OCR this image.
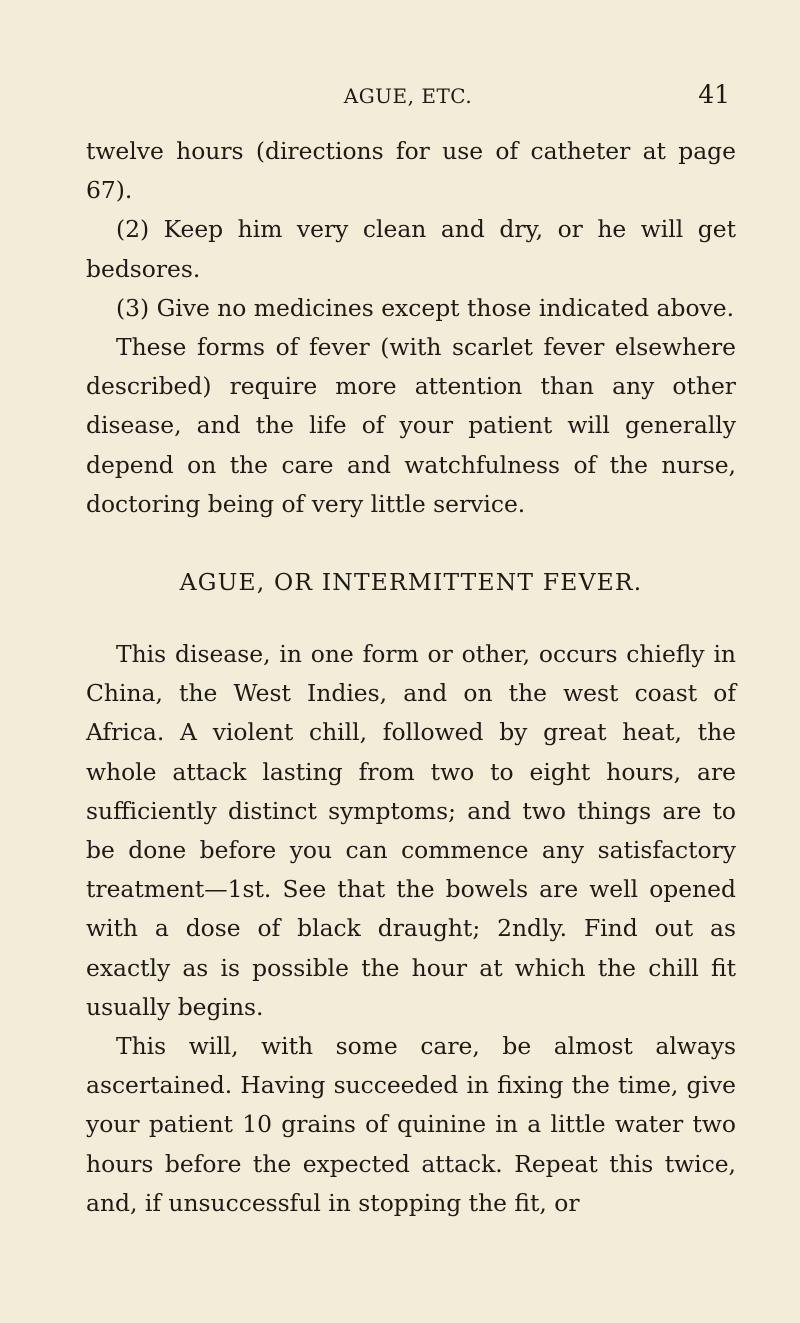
AGUE, ETC.	41

twelve hours (directions for use of catheter at page 67).

(2) Keep him very clean and dry, or he will get bedsores.

(3) Give no medicines except those indicated above.

These forms of fever (with scarlet fever elsewhere described) require more attention than any other disease, and the life of your patient will generally depend on the care and watchfulness of the nurse, doctoring being of very little service.

AGUE, OR INTERMITTENT FEVER.

This disease, in one form or other, occurs chiefly in China, the West Indies, and on the west coast of Africa. A violent chill, followed by great heat, the whole attack lasting from two to eight hours, are sufficiently distinct symptoms; and two things are to be done before you can commence any satisfactory treatment—1st. See that the bowels are well opened with a dose of black draught; 2ndly. Find out as exactly as is possible the hour at which the chill fit usually begins.

This will, with some care, be almost always ascertained. Having succeeded in fixing the time, give your patient 10 grains of quinine in a little water two hours before the expected attack. Repeat this twice, and, if unsuccessful in stopping the fit, or
